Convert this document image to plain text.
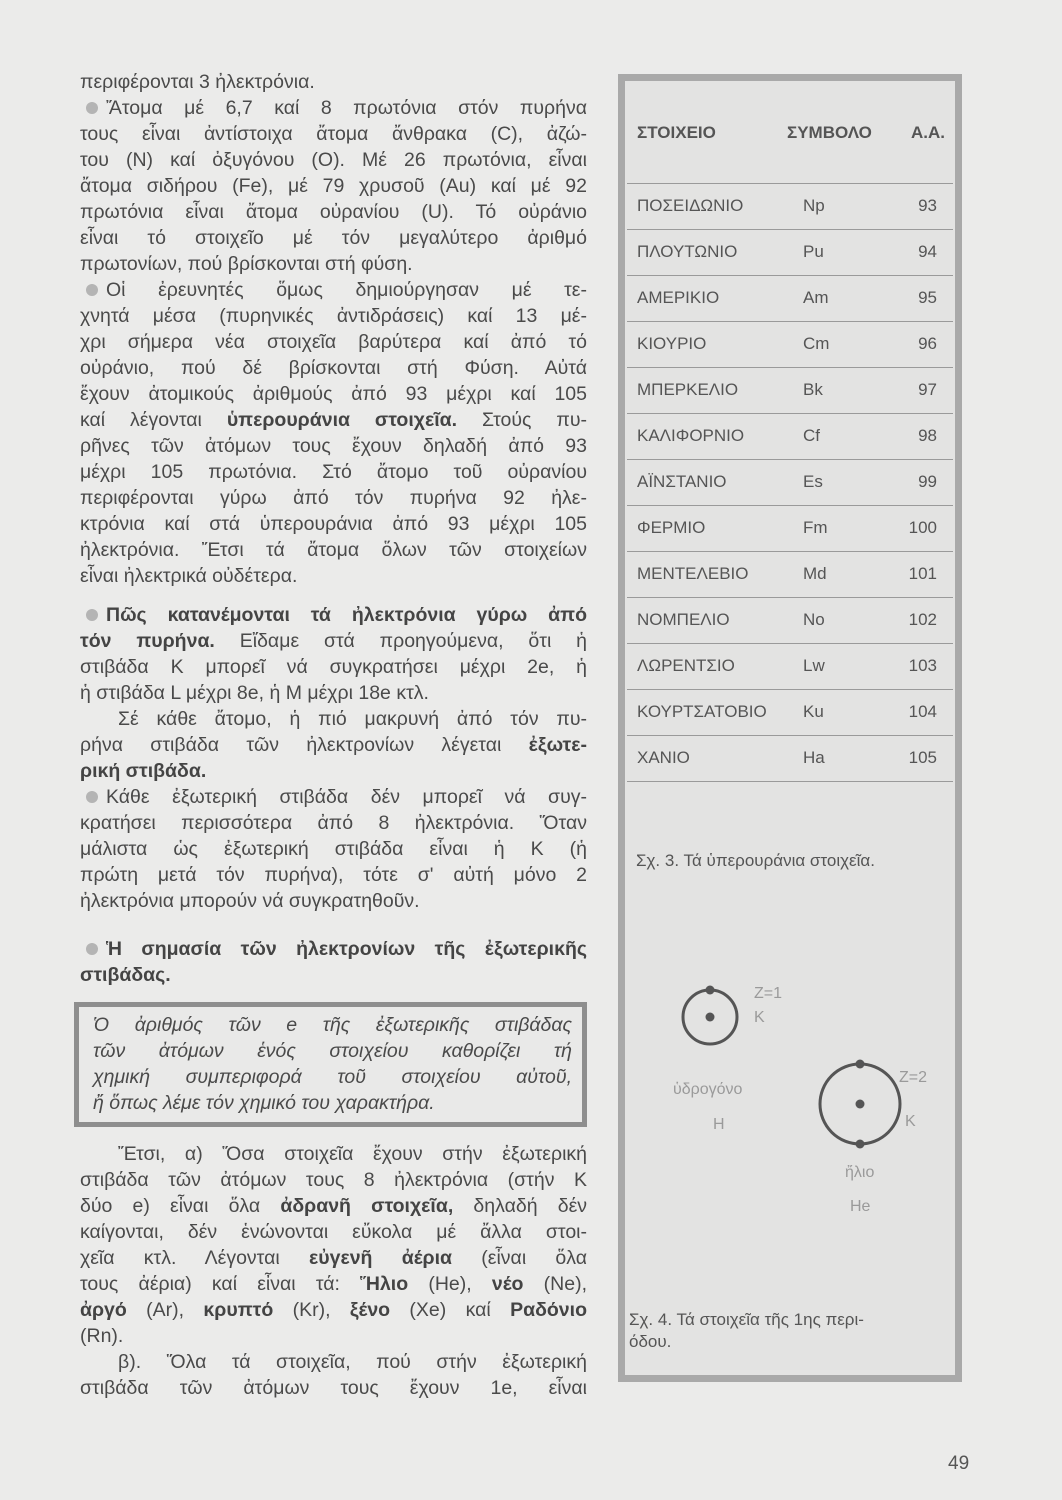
περιφέρονται 3 ἠλεκτρόνια.
Ἄτομα μέ 6,7 καί 8 πρωτόνια στόν πυρήνα
τους εἶναι ἀντίστοιχα ἄτομα ἄνθρακα (C), ἀζώ-
του (N) καί ὀξυγόνου (O). Μέ 26 πρωτόνια, εἶναι
ἄτομα σιδήρου (Fe), μέ 79 χρυσοῦ (Au) καί μέ 92
πρωτόνια εἶναι ἄτομα οὐρανίου (U). Τό οὐράνιο
εἶναι τό στοιχεῖο μέ τόν μεγαλύτερο ἀριθμό
πρωτονίων, πού βρίσκονται στή φύση.
Οἱ ἐρευνητές ὅμως δημιούργησαν μέ τε-
χνητά μέσα (πυρηνικές ἀντιδράσεις) καί 13 μέ-
χρι σήμερα νέα στοιχεῖα βαρύτερα καί ἀπό τό
οὐράνιο, πού δέ βρίσκονται στή Φύση. Αὐτά
ἔχουν ἀτομικούς ἀριθμούς ἀπό 93 μέχρι καί 105
καί λέγονται ὑπερουράνια στοιχεῖα. Στούς πυ-
ρῆνες τῶν ἀτόμων τους ἔχουν δηλαδή ἀπό 93
μέχρι 105 πρωτόνια. Στό ἄτομο τοῦ οὐρανίου
περιφέρονται γύρω ἀπό τόν πυρήνα 92 ἠλε-
κτρόνια καί στά ὑπερουράνια ἀπό 93 μέχρι 105
ἠλεκτρόνια. Ἔτσι τά ἄτομα ὅλων τῶν στοιχείων
εἶναι ἠλεκτρικά οὐδέτερα.
Πῶς κατανέμονται τά ἠλεκτρόνια γύρω ἀπό
τόν πυρήνα. Εἴδαμε στά προηγούμενα, ὅτι ἡ
στιβάδα K μπορεῖ νά συγκρατήσει μέχρι 2e, ἡ
ἡ στιβάδα L μέχρι 8e, ἡ M μέχρι 18e κτλ.
Σέ κάθε ἄτομο, ἡ πιό μακρυνή ἀπό τόν πυ-
ρήνα στιβάδα τῶν ἠλεκτρονίων λέγεται ἐξωτε-
ρική στιβάδα.
Κάθε ἐξωτερική στιβάδα δέν μπορεῖ νά συγ-
κρατήσει περισσότερα ἀπό 8 ἠλεκτρόνια. Ὅταν
μάλιστα ὡς ἐξωτερική στιβάδα εἶναι ἡ K (ἡ
πρώτη μετά τόν πυρήνα), τότε σ' αὐτή μόνο 2
ἠλεκτρόνια μπορούν νά συγκρατηθοῦν.
Ἡ σημασία τῶν ἠλεκτρονίων τῆς ἐξωτερικῆς
στιβάδας.
Ὁ ἀριθμός τῶν e τῆς ἐξωτερικῆς στιβάδας
τῶν ἀτόμων ἑνός στοιχείου καθορίζει τή
χημική συμπεριφορά τοῦ στοιχείου αὐτοῦ,
ἤ ὅπως λέμε τόν χημικό του χαρακτήρα.
Ἔτσι, α) Ὅσα στοιχεῖα ἔχουν στήν ἐξωτερική
στιβάδα τῶν ἀτόμων τους 8 ἠλεκτρόνια (στήν K
δύο e) εἶναι ὅλα ἀδρανῆ στοιχεῖα, δηλαδή δέν
καίγονται, δέν ἑνώνονται εὔκολα μέ ἄλλα στοι-
χεῖα κτλ. Λέγονται εὐγενῆ ἀέρια (εἶναι ὅλα
τους ἀέρια) καί εἶναι τά: Ἥλιο (He), νέο (Ne),
ἀργό (Ar), κρυπτό (Kr), ξένο (Xe) καί Ραδόνιο
(Rn).
β). Ὅλα τά στοιχεῖα, πού στήν ἐξωτερική
στιβάδα τῶν ἀτόμων τους ἔχουν 1e, εἶναι
ΣΤΟΙΧΕΙΟ	ΣΥΜΒΟΛΟ Α.Α.
ΠΟΣΕΙΔΩΝΙΟ	Np	93
ΠΛΟΥΤΩΝΙΟ	Pu	94
ΑΜΕΡΙΚΙΟ	Am	95
ΚΙΟΥΡΙΟ	Cm	96
ΜΠΕΡΚΕΛΙΟ	Bk	97
ΚΑΛΙΦΟΡΝΙΟ	Cf	98
ΑΪΝΣΤΑΝΙΟ	Es	99
ΦΕΡΜΙΟ	Fm	100
ΜΕΝΤΕΛΕΒΙΟ	Md	101
ΝΟΜΠΕΛΙΟ	No	102
ΛΩΡΕΝΤΣΙΟ	Lw	103
ΚΟΥΡΤΣΑΤΟΒΙΟ Ku	104
ΧΑΝΙΟ	Ha	105
Σχ. 3. Τά ὑπερουράνια στοιχεῖα.
Z=1
K
ὑδρογόνο
H
Z=2
K
ἤλιο
He
Σχ. 4. Τά στοιχεῖα τῆς 1ης περι-
όδου.
49
